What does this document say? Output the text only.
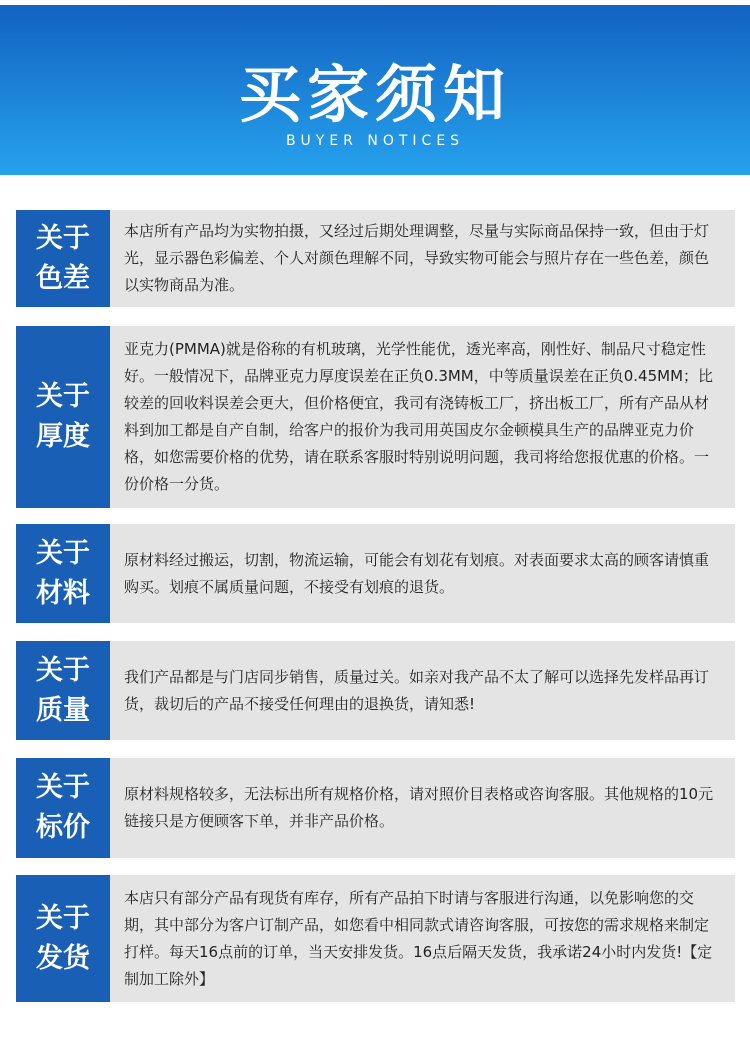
买家须知
BUYER NOTICES
关于
色差
本店所有产品均为实物拍摄，又经过后期处理调整，尽量与实际商品保持一致，但由于灯光，显示器色彩偏差、个人对颜色理解不同，导致实物可能会与照片存在一些色差，颜色以实物商品为准。
关于
厚度
亚克力(PMMA)就是俗称的有机玻璃，光学性能优，透光率高，刚性好、制品尺寸稳定性好。一般情况下，品牌亚克力厚度误差在正负0.3MM，中等质量误差在正负0.45MM；比较差的回收料误差会更大，但价格便宜，我司有浇铸板工厂，挤出板工厂，所有产品从材料到加工都是自产自制，给客户的报价为我司用英国皮尔金顿模具生产的品牌亚克力价格，如您需要价格的优势，请在联系客服时特别说明问题，我司将给您报优惠的价格。一份价格一分货。
关于
材料
原材料经过搬运，切割，物流运输，可能会有划花有划痕。对表面要求太高的顾客请慎重购买。划痕不属质量问题，不接受有划痕的退货。
关于
质量
我们产品都是与门店同步销售，质量过关。如亲对我产品不太了解可以选择先发样品再订货，裁切后的产品不接受任何理由的退换货，请知悉!
关于
标价
原材料规格较多，无法标出所有规格价格，请对照价目表格或咨询客服。其他规格的10元链接只是方便顾客下单，并非产品价格。
关于
发货
本店只有部分产品有现货有库存，所有产品拍下时请与客服进行沟通，以免影响您的交期，其中部分为客户订制产品，如您看中相同款式请咨询客服，可按您的需求规格来制定打样。每天16点前的订单，当天安排发货。16点后隔天发货，我承诺24小时内发货!【定制加工除外】
